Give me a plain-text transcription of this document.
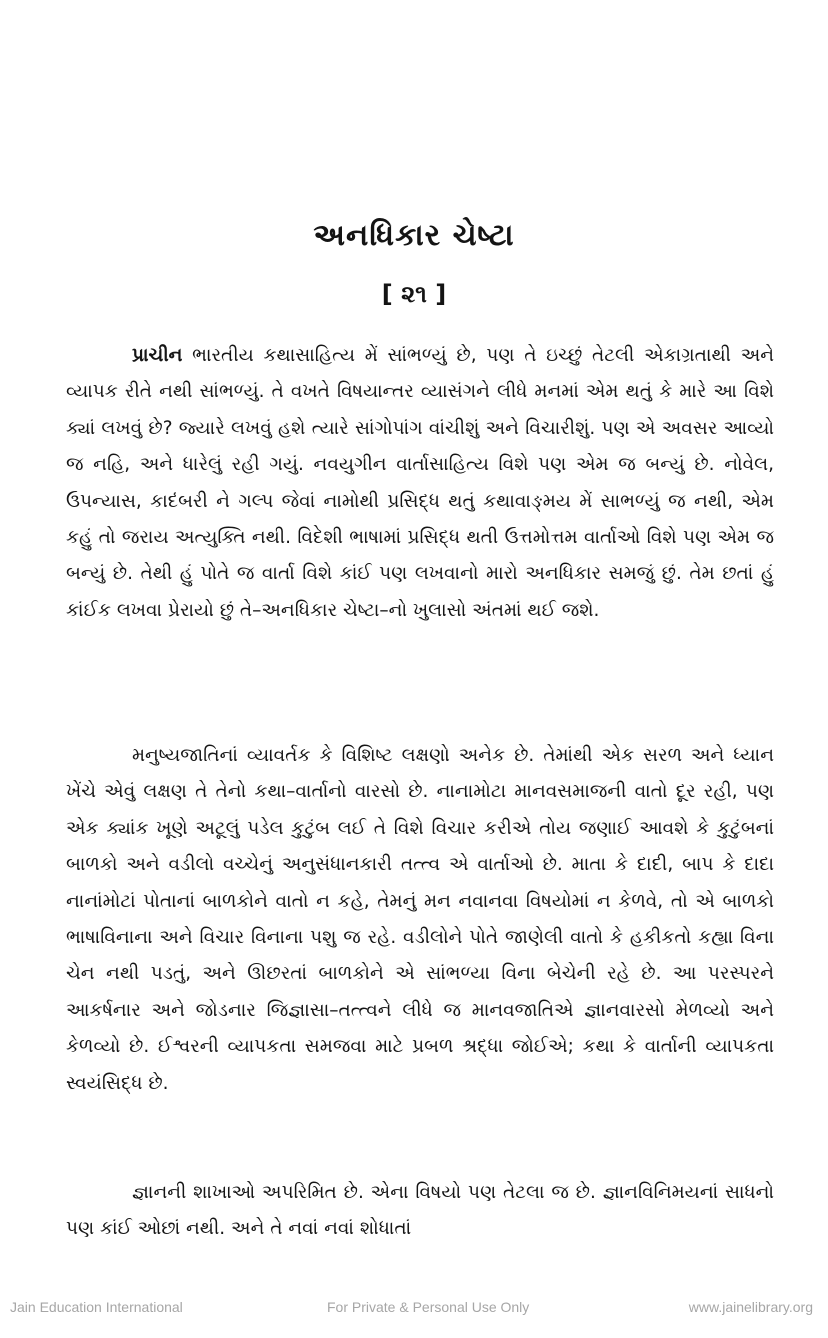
અનધિકાર ચેષ્ટા
[ ૨૧ ]

પ્રાચીન ભારતીય કથાસાહિત્ય મેં સાંભળ્યું છે, પણ તે ઇચ્છું તેટલી એકાગ્રતાથી અને વ્યાપક રીતે નથી સાંભળ્યું. તે વખતે વિષયાન્તર વ્યાસંગને લીધે મનમાં એમ થતું કે મારે આ વિશે ક્યાં લખવું છે? જ્યારે લખવું હશે ત્યારે સાંગોપાંગ વાંચીશું અને વિચારીશું. પણ એ અવસર આવ્યો જ નહિ, અને ધારેલું રહી ગયું. નવયુગીન વાર્તાસાહિત્ય વિશે પણ એમ જ બન્યું છે. નોવેલ, ઉપન્યાસ, કાદંબરી ને ગલ્પ જેવાં નામોથી પ્રસિદ્ધ થતું કથાવાઙ્મય મેં સાભળ્યું જ નથી, એમ કહું તો જરાય અત્યુક્તિ નથી. વિદેશી ભાષામાં પ્રસિદ્ધ થતી ઉત્તમોત્તમ વાર્તાઓ વિશે પણ એમ જ બન્યું છે. તેથી હું પોતે જ વાર્તા વિશે કાંઈ પણ લખવાનો મારો અનધિકાર સમજું છું. તેમ છતાં હું કાંઈક લખવા પ્રેરાયો છું તે–અનધિકાર ચેષ્ટા–નો ખુલાસો અંતમાં થઈ જશે.

મનુષ્યજાતિનાં વ્યાવર્તક કે વિશિષ્ટ લક્ષણો અનેક છે. તેમાંથી એક સરળ અને ધ્યાન ખેંચે એવું લક્ષણ તે તેનો કથા–વાર્તાનો વારસો છે. નાનામોટા માનવસમાજની વાતો દૂર રહી, પણ એક ક્યાંક ખૂણે અટૂલું પડેલ કુટુંબ લઈ તે વિશે વિચાર કરીએ તોય જણાઈ આવશે કે કુટુંબનાં બાળકો અને વડીલો વચ્ચેનું અનુસંધાનકારી તત્ત્વ એ વાર્તાઓ છે. માતા કે દાદી, બાપ કે દાદા નાનાંમોટાં પોતાનાં બાળકોને વાતો ન કહે, તેમનું મન નવાનવા વિષયોમાં ન કેળવે, તો એ બાળકો ભાષાવિનાના અને વિચાર વિનાના પશુ જ રહે. વડીલોને પોતે જાણેલી વાતો કે હકીકતો કહ્યા વિના ચેન નથી પડતું, અને ઊછરતાં બાળકોને એ સાંભળ્યા વિના બેચેની રહે છે. આ પરસ્પરને આકર્ષનાર અને જોડનાર જિજ્ઞાસા–તત્ત્વને લીધે જ માનવજાતિએ જ્ઞાનવારસો મેળવ્યો અને કેળવ્યો છે. ઈશ્વરની વ્યાપકતા સમજવા માટે પ્રબળ શ્રદ્ધા જોઈએ; કથા કે વાર્તાની વ્યાપકતા સ્વયંસિદ્ધ છે.

જ્ઞાનની શાખાઓ અપરિમિત છે. એના વિષયો પણ તેટલા જ છે. જ્ઞાનવિનિમયનાં સાધનો પણ કાંઈ ઓછાં નથી. અને તે નવાં નવાં શોધાતાં

Jain Education International	For Private & Personal Use Only	www.jainelibrary.org
